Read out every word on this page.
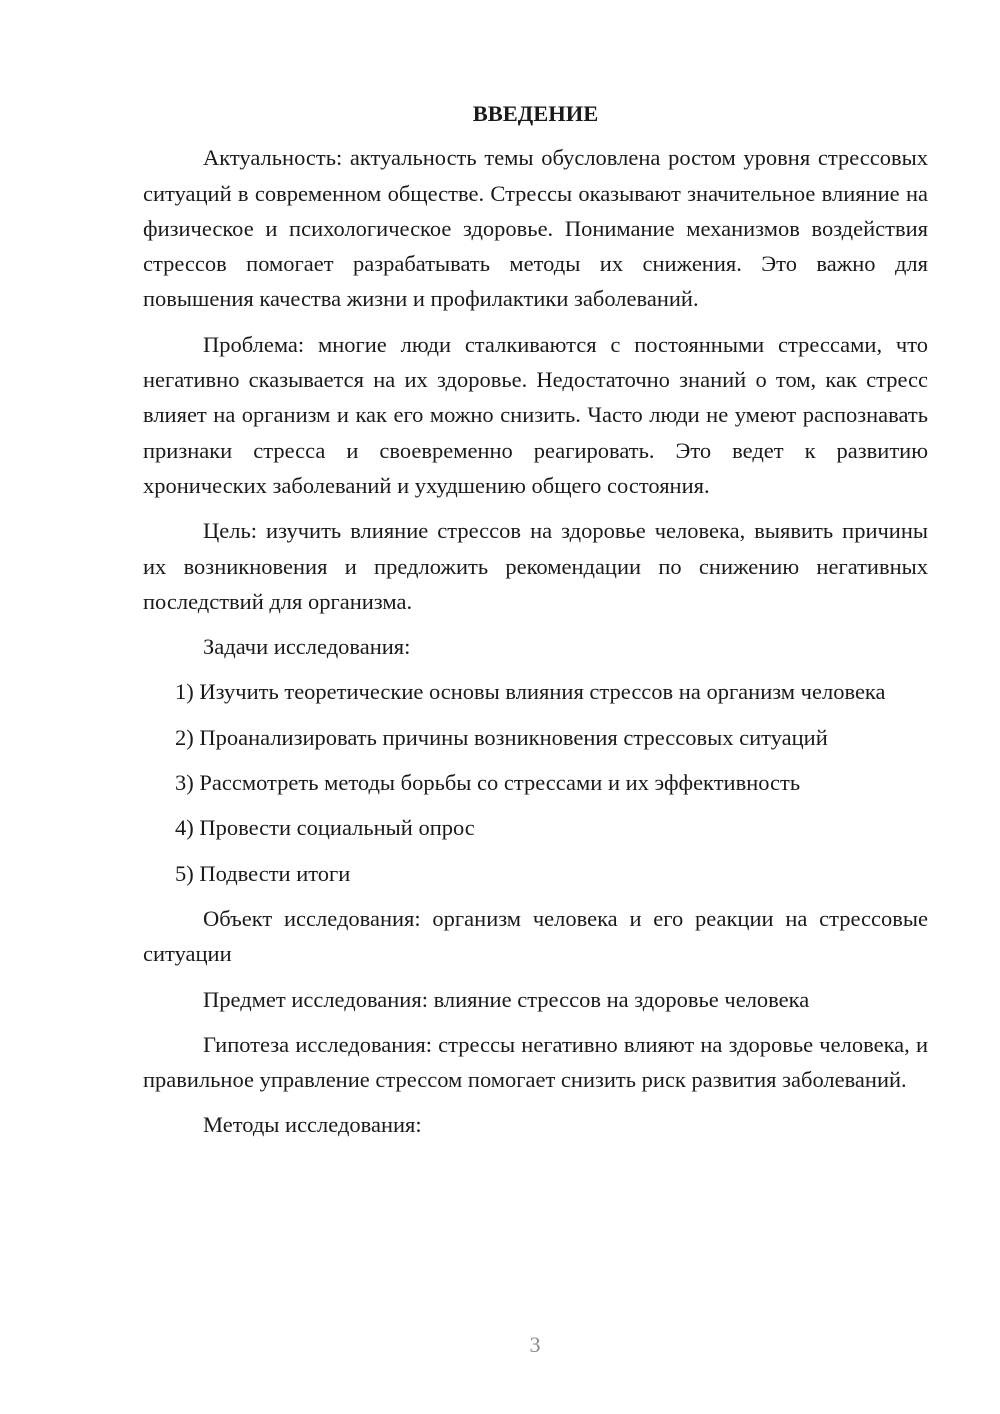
ВВЕДЕНИЕ

Актуальность: актуальность темы обусловлена ростом уровня стрессовых ситуаций в современном обществе. Стрессы оказывают значительное влияние на физическое и психологическое здоровье. Понимание механизмов воздействия стрессов помогает разрабатывать методы их снижения. Это важно для повышения качества жизни и профилактики заболеваний.

Проблема: многие люди сталкиваются с постоянными стрессами, что негативно сказывается на их здоровье. Недостаточно знаний о том, как стресс влияет на организм и как его можно снизить. Часто люди не умеют распознавать признаки стресса и своевременно реагировать. Это ведет к развитию хронических заболеваний и ухудшению общего состояния.

Цель: изучить влияние стрессов на здоровье человека, выявить причины их возникновения и предложить рекомендации по снижению негативных последствий для организма.

Задачи исследования:

1) Изучить теоретические основы влияния стрессов на организм человека

2) Проанализировать причины возникновения стрессовых ситуаций

3) Рассмотреть методы борьбы со стрессами и их эффективность

4) Провести социальный опрос

5) Подвести итоги

Объект исследования: организм человека и его реакции на стрессовые ситуации

Предмет исследования: влияние стрессов на здоровье человека

Гипотеза исследования: стрессы негативно влияют на здоровье человека, и правильное управление стрессом помогает снизить риск развития заболеваний.

Методы исследования:

3
